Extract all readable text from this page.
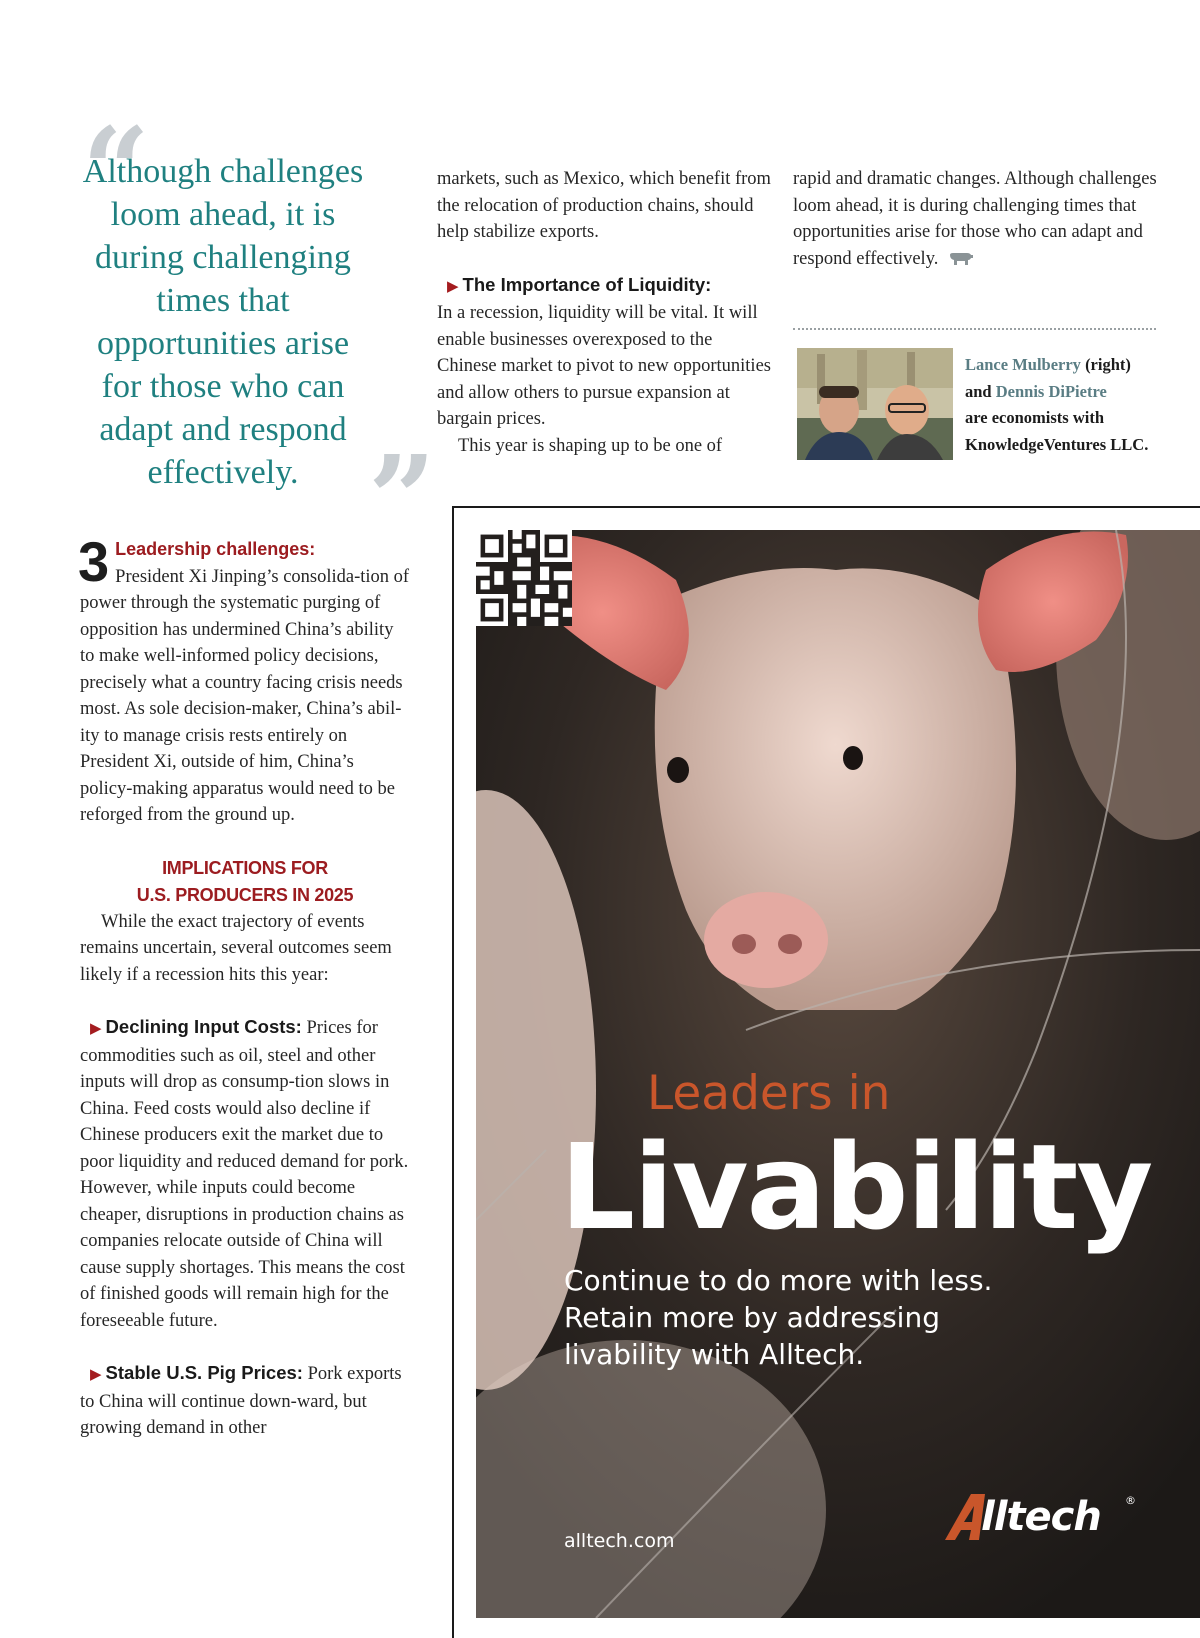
“
Although challenges loom ahead, it is during challenging times that opportunities arise for those who can adapt and respond effectively. ”

3 Leadership challenges:
President Xi Jinping’s consolida-tion of power through the systematic purging of opposition has undermined China’s ability to make well-informed policy decisions, precisely what a country facing crisis needs most. As sole decision-maker, China’s abil-ity to manage crisis rests entirely on President Xi, outside of him, China’s policy-making apparatus would need to be reforged from the ground up.

IMPLICATIONS FOR
U.S. PRODUCERS IN 2025

While the exact trajectory of events remains uncertain, several outcomes seem likely if a recession hits this year:

▶ Declining Input Costs: Prices for commodities such as oil, steel and other inputs will drop as consump-tion slows in China. Feed costs would also decline if Chinese producers exit the market due to poor liquidity and reduced demand for pork. However, while inputs could become cheaper, disruptions in production chains as companies relocate outside of China will cause supply shortages. This means the cost of finished goods will remain high for the foreseeable future.

▶ Stable U.S. Pig Prices: Pork exports to China will continue down-ward, but growing demand in other

markets, such as Mexico, which benefit from the relocation of production chains, should help stabilize exports.

▶ The Importance of Liquidity:
In a recession, liquidity will be vital. It will enable businesses overexposed to the Chinese market to pivot to new opportunities and allow others to pursue expansion at bargain prices.

This year is shaping up to be one of

rapid and dramatic changes. Although challenges loom ahead, it is during challenging times that opportunities arise for those who can adapt and respond effectively.

Lance Mulberry (right)
and Dennis DiPietre
are economists with KnowledgeVentures LLC.
Leaders in
Livability
Continue to do more with less. Retain more by addressing livability with Alltech.
alltech.com
lltech ®
